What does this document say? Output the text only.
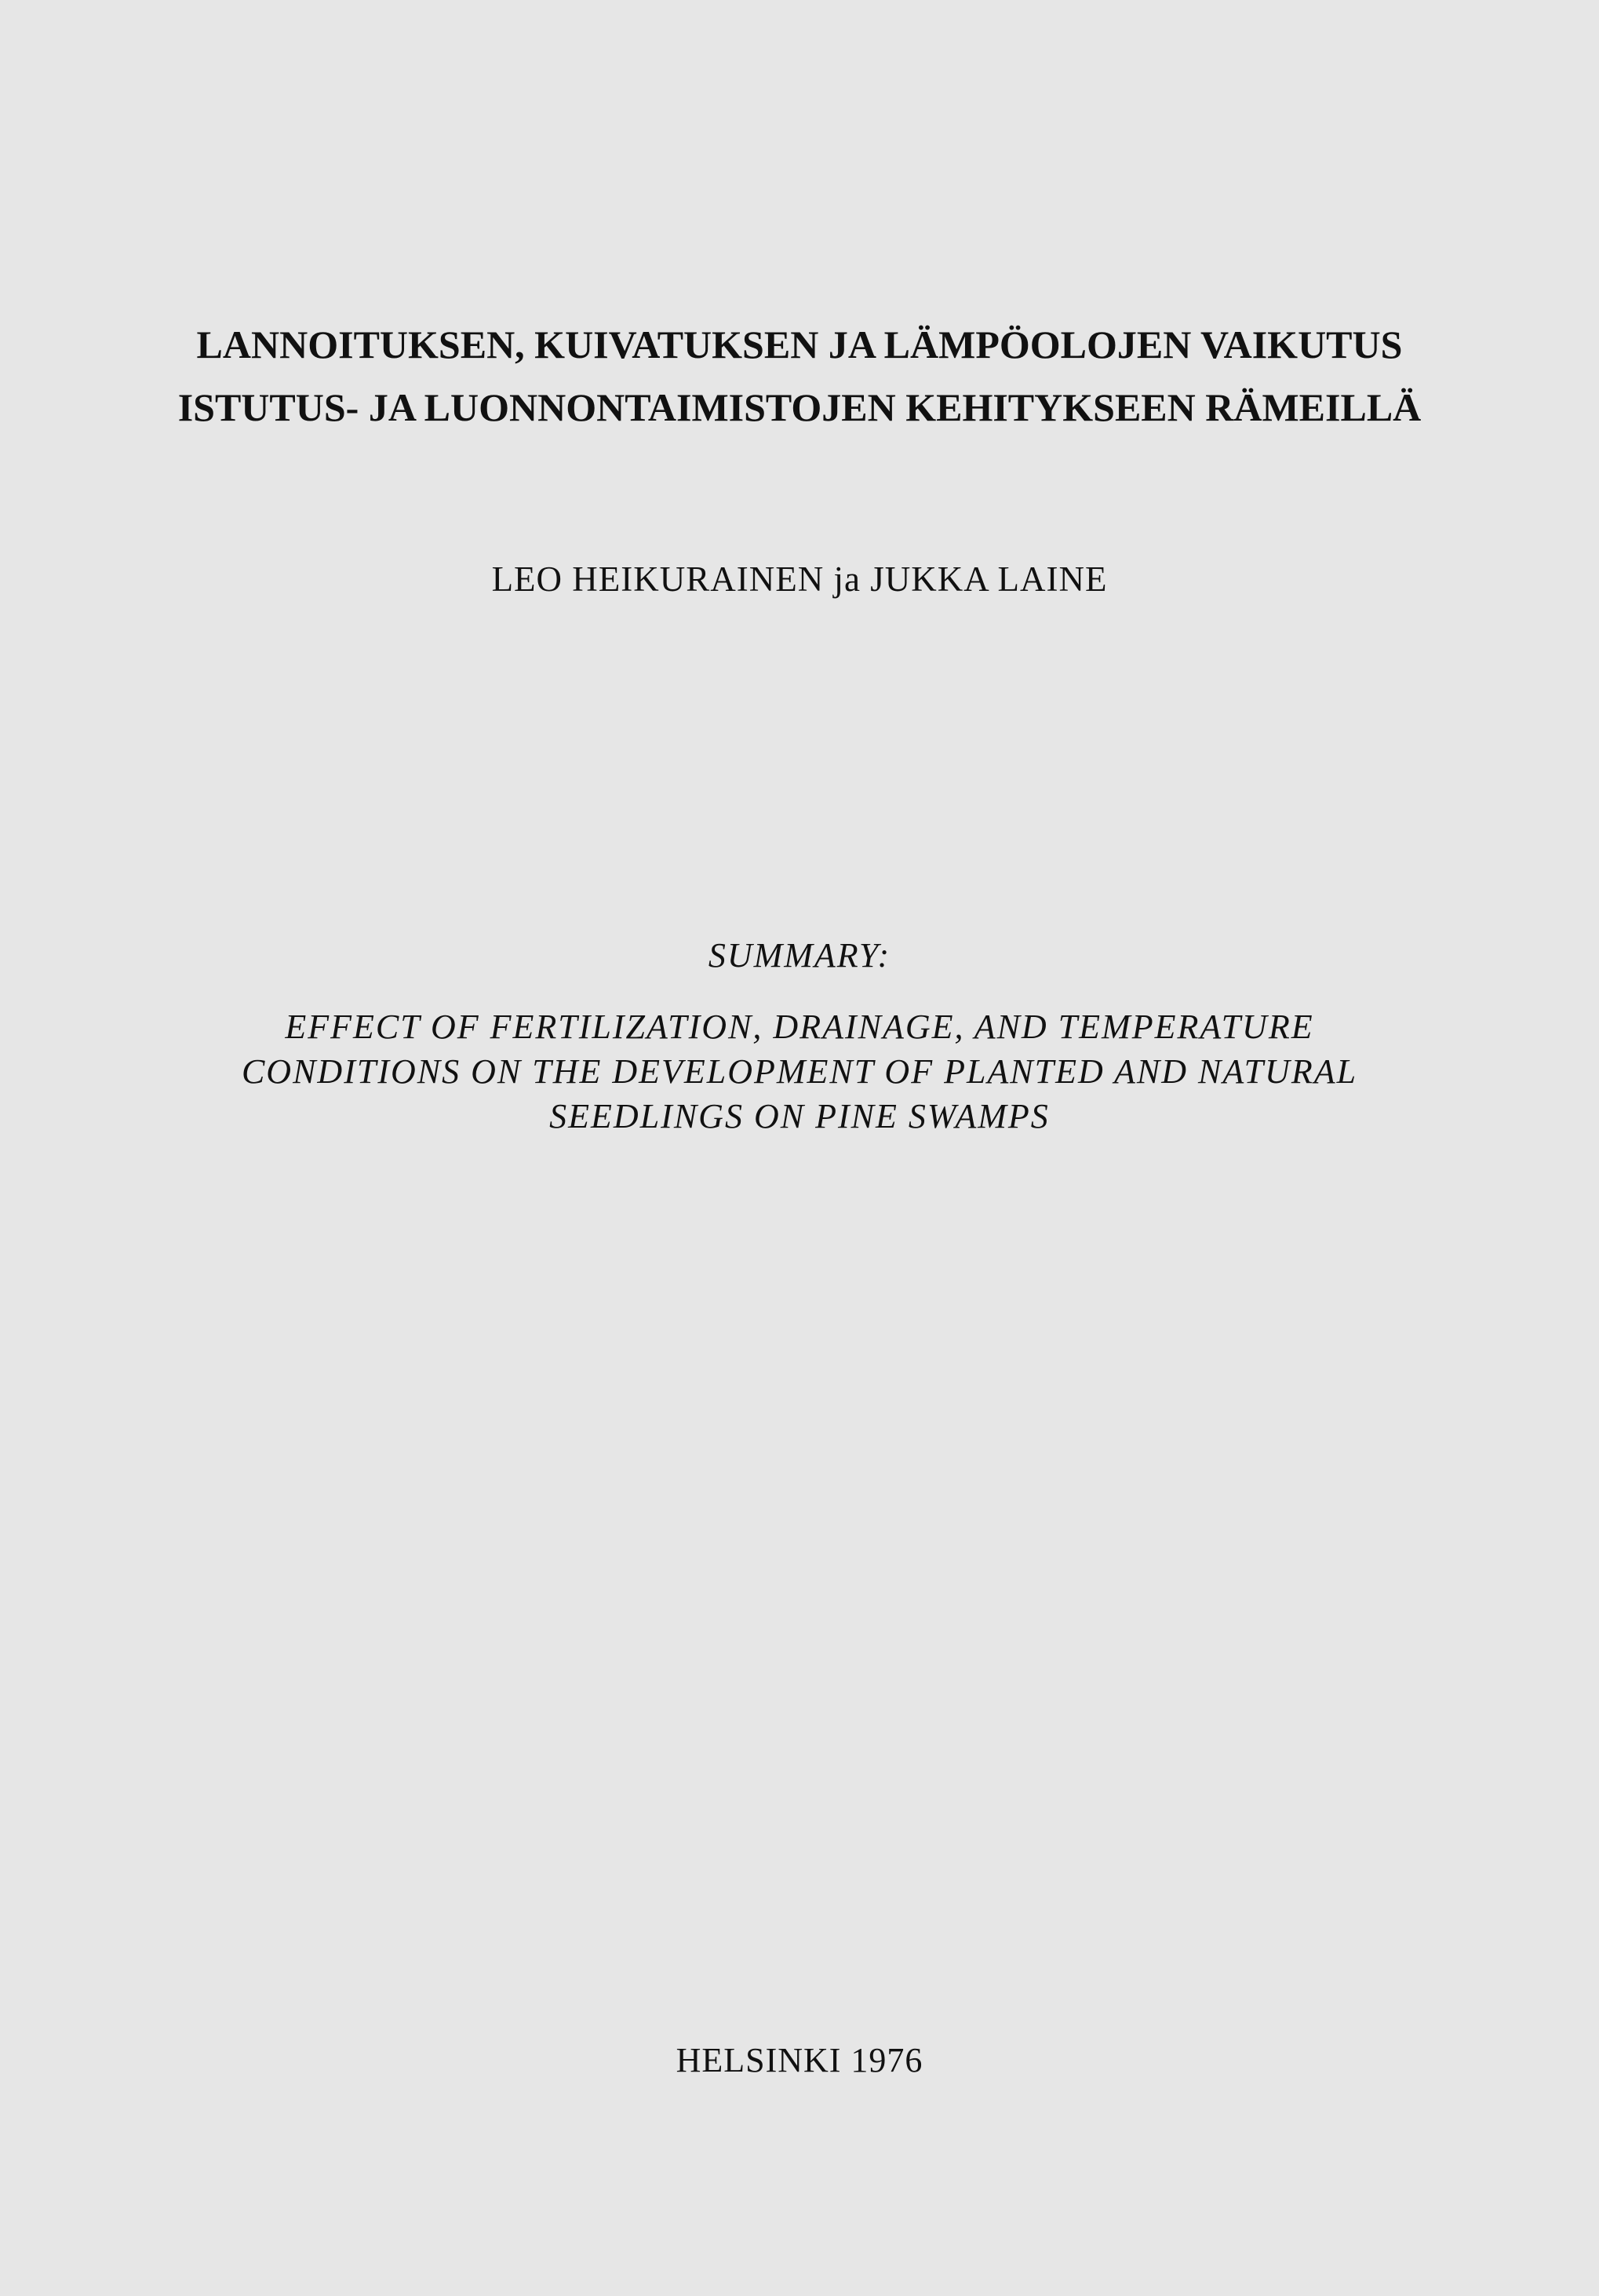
LANNOITUKSEN, KUIVATUKSEN JA LÄMPÖOLOJEN VAIKUTUS
ISTUTUS- JA LUONNONTAIMISTOJEN KEHITYKSEEN RÄMEILLÄ
LEO HEIKURAINEN ja JUKKA LAINE
SUMMARY:
EFFECT OF FERTILIZATION, DRAINAGE, AND TEMPERATURE
CONDITIONS ON THE DEVELOPMENT OF PLANTED AND NATURAL
SEEDLINGS ON PINE SWAMPS
HELSINKI 1976
